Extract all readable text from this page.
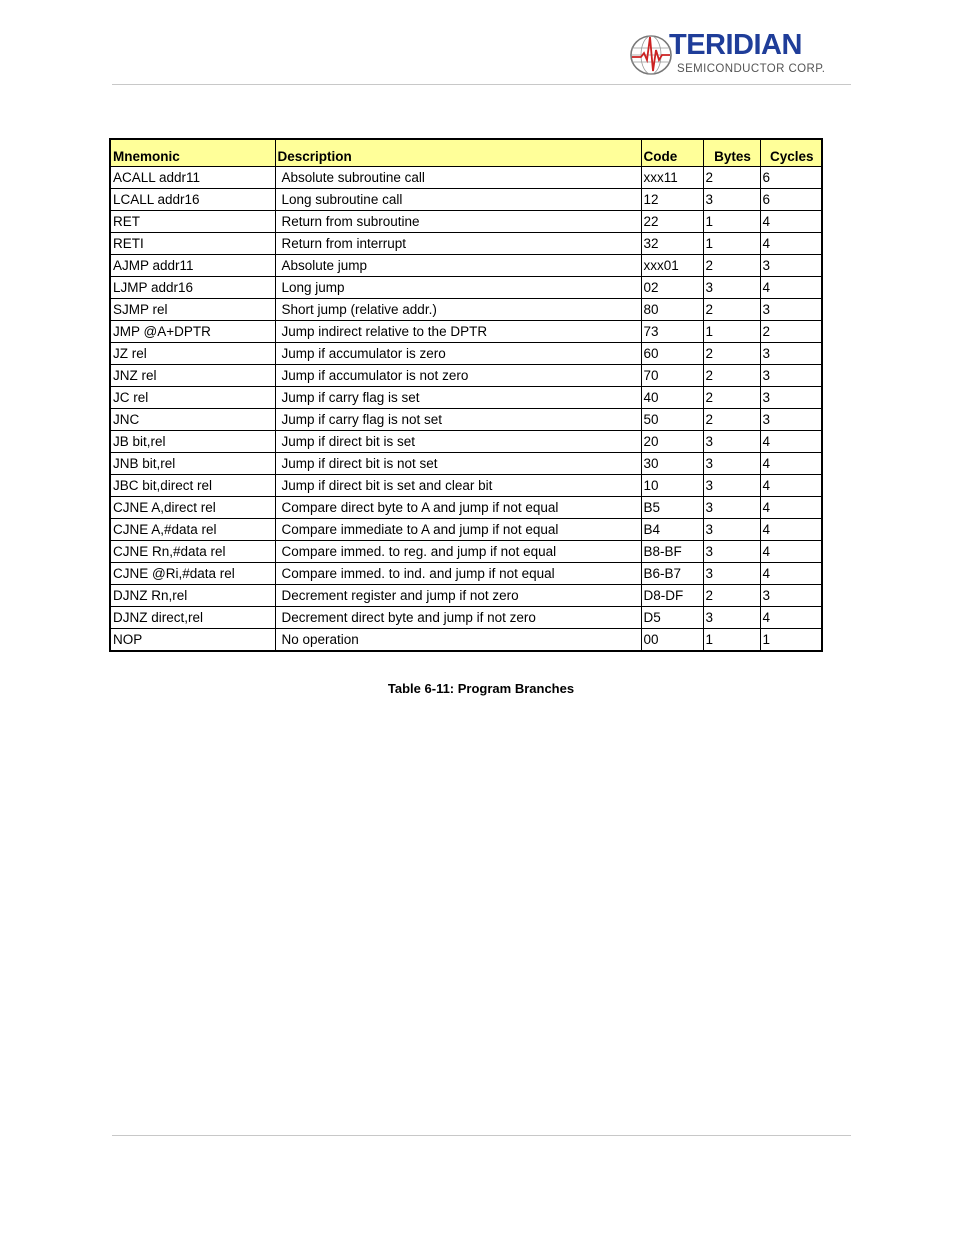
TERIDIAN
SEMICONDUCTOR CORP.
Mnemonic	Description	Code	Bytes	Cycles
ACALL addr11	Absolute subroutine call	xxx11	2	6
LCALL addr16	Long subroutine call	12	3	6
RET	Return from subroutine	22	1	4
RETI	Return from interrupt	32	1	4
AJMP addr11	Absolute jump	xxx01	2	3
LJMP addr16	Long jump	02	3	4
SJMP rel	Short jump (relative addr.)	80	2	3
JMP @A+DPTR	Jump indirect relative to the DPTR	73	1	2
JZ rel	Jump if accumulator is zero	60	2	3
JNZ rel	Jump if accumulator is not zero	70	2	3
JC rel	Jump if carry flag is set	40	2	3
JNC	Jump if carry flag is not set	50	2	3
JB bit,rel	Jump if direct bit is set	20	3	4
JNB bit,rel	Jump if direct bit is not set	30	3	4
JBC bit,direct rel	Jump if direct bit is set and clear bit	10	3	4
CJNE A,direct rel	Compare direct byte to A and jump if not equal	B5	3	4
CJNE A,#data rel	Compare immediate to A and jump if not equal	B4	3	4
CJNE Rn,#data rel	Compare immed. to reg. and jump if not equal	B8-BF	3	4
CJNE @Ri,#data rel	Compare immed. to ind. and jump if not equal	B6-B7	3	4
DJNZ Rn,rel	Decrement register and jump if not zero	D8-DF	2	3
DJNZ direct,rel	Decrement direct byte and jump if not zero	D5	3	4
NOP	No operation	00	1	1
Table 6-11: Program Branches
